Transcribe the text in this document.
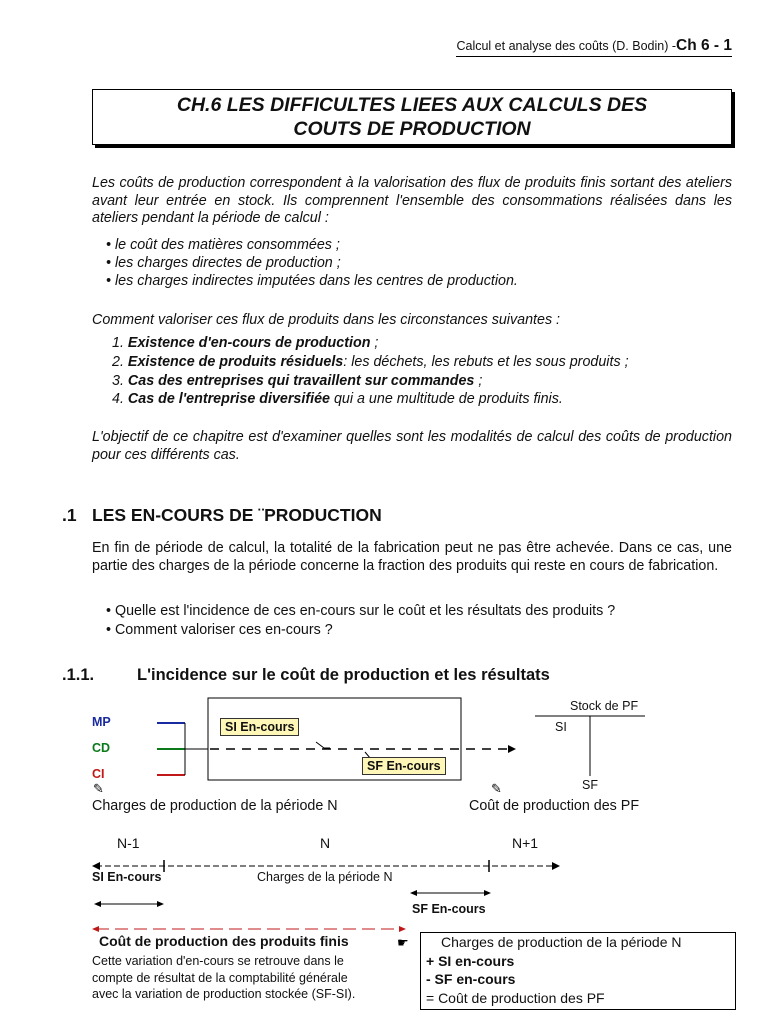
Calcul et analyse des coûts (D. Bodin) -Ch 6 - 1
CH.6 LES DIFFICULTES LIEES AUX CALCULS DES
COUTS DE PRODUCTION
Les coûts de production correspondent à la valorisation des flux de produits finis sortant des ateliers avant leur entrée en stock. Ils comprennent l'ensemble des consommations réalisées dans les ateliers pendant la période de calcul :
• le coût des matières consommées ;
• les charges directes de production ;
• les charges indirectes imputées dans les centres de production.
Comment valoriser ces flux de produits dans les circonstances suivantes :
1. Existence d'en-cours de production ;
2. Existence de produits résiduels: les déchets, les rebuts et les sous produits ;
3. Cas des entreprises qui travaillent sur commandes ;
4. Cas de l'entreprise diversifiée qui a une multitude de produits finis.
L'objectif de ce chapitre est d'examiner quelles sont les modalités de calcul des coûts de production pour ces différents cas.
.1 LES EN-COURS DE ¨PRODUCTION
En fin de période de calcul, la totalité de la fabrication peut ne pas être achevée. Dans ce cas, une partie des charges de la période concerne la fraction des produits qui reste en cours de fabrication.
• Quelle est l'incidence de ces en-cours sur le coût et les résultats des produits ?
• Comment valoriser ces en-cours ?
.1.1.	L'incidence sur le coût de production et les résultats
✎	✎
☛
MP
CD
CI
SI En-cours
SF En-cours
Stock de PF
SI
SF
Charges de production de la période N	Coût de production des PF
N-1	N	N+1
SI En-cours	Charges de la période N
SF En-cours
Coût de production des produits finis
Cette variation d'en-cours se retrouve dans le
compte de résultat de la comptabilité générale
avec la variation de production stockée (SF-SI).
Charges de production de la période N
+ SI en-cours
- SF en-cours
= Coût de production des PF
